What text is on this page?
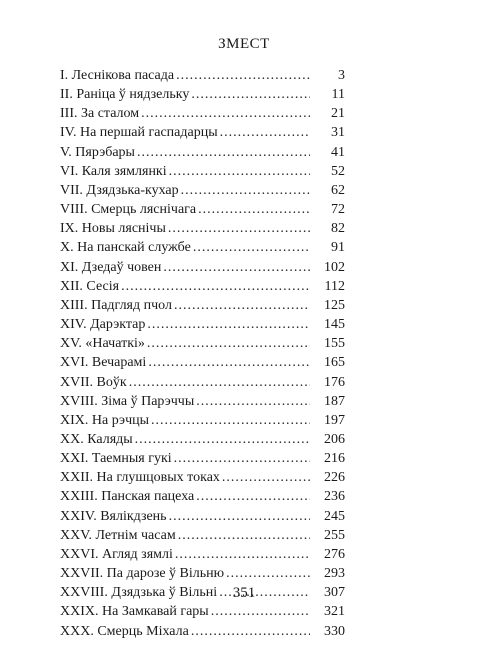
ЗМЕСТ
І. Леснікова пасада .....	3
ІІ. Раніца ў нядзельку .....	11
ІІІ. За сталом .....	21
IV. На першай гаспадарцы .....	31
V. Пярэбары .....	41
VI. Каля зямлянкі .....	52
VII. Дзядзька-кухар .....	62
VIII. Смерць ляснічага .....	72
IX. Новы ляснічы .....	82
X. На панскай службе .....	91
XI. Дзедаў човен .....	102
XII. Сесія .....	112
XIII. Падгляд пчол .....	125
XIV. Дарэктар .....	145
XV. «Начаткі» .....	155
XVI. Вечарамі .....	165
XVII. Воўк .....	176
XVIII. Зіма ў Парэччы .....	187
XIX. На рэчцы .....	197
XX. Каляды .....	206
XXI. Таемныя гукі .....	216
XXII. На глушцовых токах .....	226
XXIII. Панская пацеха .....	236
XXIV. Вялікдзень .....	245
XXV. Летнім часам .....	255
XXVI. Агляд зямлі .....	276
XXVII. Па дарозе ў Вільню .....	293
XXVIII. Дзядзька ў Вільні .....	307
XXIX. На Замкавай гары .....	321
XXX. Смерць Міхала .....	330
351
